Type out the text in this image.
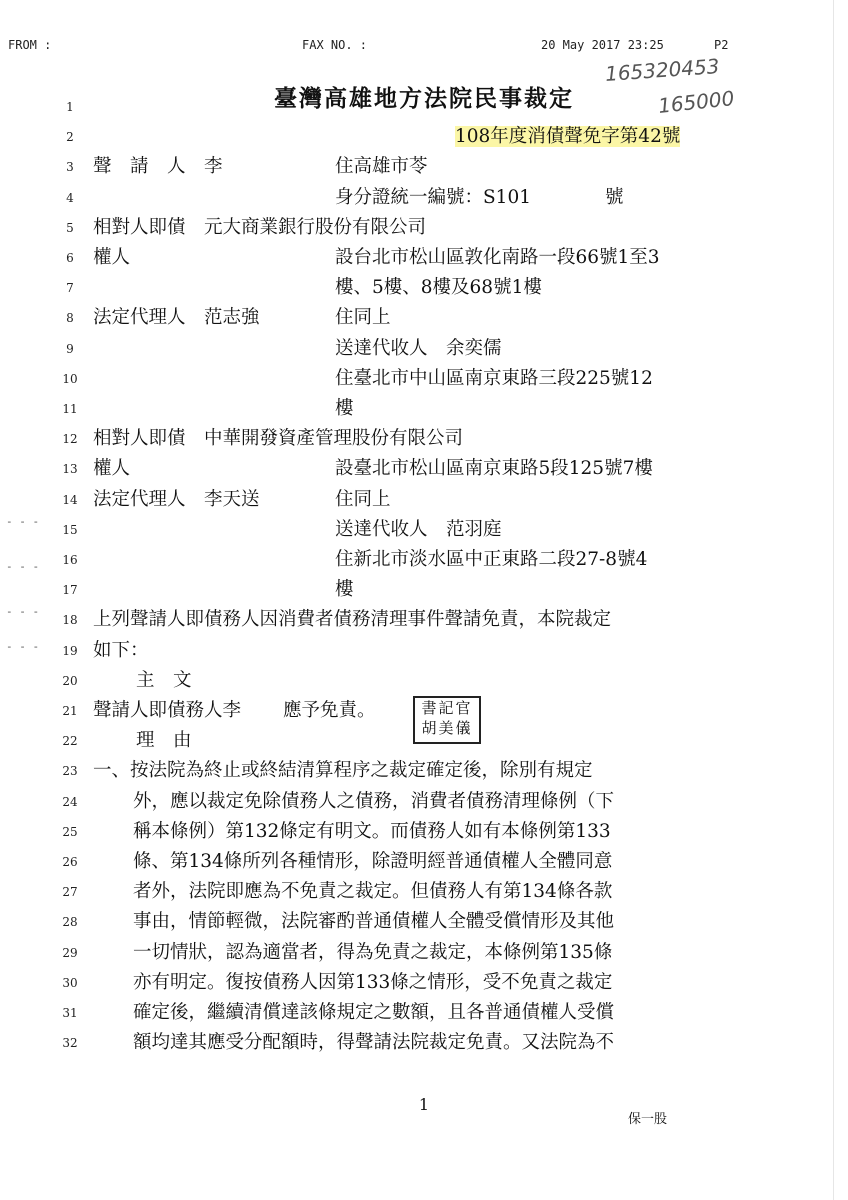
FROM :	FAX NO. :	20 May 2017 23:25	P2
165320453
165000
臺灣高雄地方法院民事裁定
108年度消債聲免字第42號
1
2
3	聲　請　人　李	住高雄市苓
4	身分證統一編號：S101　　　　號
5	相對人即債　元大商業銀行股份有限公司
6	權人	設台北市松山區敦化南路一段66號1至3
7	樓、5樓、8樓及68號1樓
8	法定代理人　范志強	住同上
9	送達代收人　余奕儒
10	住臺北市中山區南京東路三段225號12
11	樓
12 相對人即債　中華開發資產管理股份有限公司
13 權人	設臺北市松山區南京東路5段125號7樓
14 法定代理人　李天送	住同上
15	送達代收人　范羽庭
16	住新北市淡水區中正東路二段27-8號4
17	樓
18 上列聲請人即債務人因消費者債務清理事件聲請免責，本院裁定
19 如下：
20	主　文
21 聲請人即債務人李 應予免責。
22	理　由
23 一、按法院為終止或終結清算程序之裁定確定後，除別有規定
24	外，應以裁定免除債務人之債務，消費者債務清理條例（下
25	稱本條例）第132條定有明文。而債務人如有本條例第133
26	條、第134條所列各種情形，除證明經普通債權人全體同意
27	者外，法院即應為不免責之裁定。但債務人有第134條各款
28	事由，情節輕微，法院審酌普通債權人全體受償情形及其他
29	一切情狀，認為適當者，得為免責之裁定，本條例第135條
30	亦有明定。復按債務人因第133條之情形，受不免責之裁定
31	確定後，繼續清償達該條規定之數額，且各普通債權人受償
32	額均達其應受分配額時，得聲請法院裁定免責。又法院為不
書記官
胡美儀
- - -
- - -
- - -
- - -
1
保一股
